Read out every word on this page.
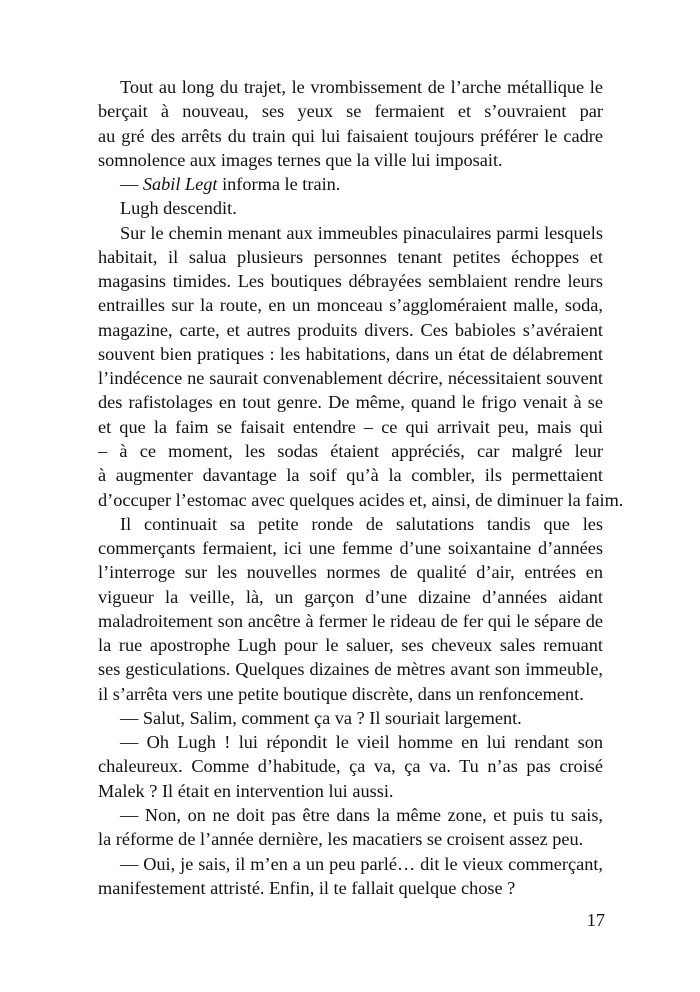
Tout au long du trajet, le vrombissement de l’arche métallique le
berçait à nouveau, ses yeux se fermaient et s’ouvraient par
au gré des arrêts du train qui lui faisaient toujours préférer le cadre
somnolence aux images ternes que la ville lui imposait.
— Sabil Legt informa le train.
Lugh descendit.
Sur le chemin menant aux immeubles pinaculaires parmi lesquels
habitait, il salua plusieurs personnes tenant petites échoppes et
magasins timides. Les boutiques débrayées semblaient rendre leurs
entrailles sur la route, en un monceau s’aggloméraient malle, soda,
magazine, carte, et autres produits divers. Ces babioles s’avéraient
souvent bien pratiques : les habitations, dans un état de délabrement
l’indécence ne saurait convenablement décrire, nécessitaient souvent
des rafistolages en tout genre. De même, quand le frigo venait à se
et que la faim se faisait entendre – ce qui arrivait peu, mais qui
– à ce moment, les sodas étaient appréciés, car malgré leur
à augmenter davantage la soif qu’à la combler, ils permettaient
d’occuper l’estomac avec quelques acides et, ainsi, de diminuer la faim.
Il continuait sa petite ronde de salutations tandis que les
commerçants fermaient, ici une femme d’une soixantaine d’années
l’interroge sur les nouvelles normes de qualité d’air, entrées en
vigueur la veille, là, un garçon d’une dizaine d’années aidant
maladroitement son ancêtre à fermer le rideau de fer qui le sépare de
la rue apostrophe Lugh pour le saluer, ses cheveux sales remuant
ses gesticulations. Quelques dizaines de mètres avant son immeuble,
il s’arrêta vers une petite boutique discrète, dans un renfoncement.
— Salut, Salim, comment ça va ? Il souriait largement.
— Oh Lugh ! lui répondit le vieil homme en lui rendant son
chaleureux. Comme d’habitude, ça va, ça va. Tu n’as pas croisé
Malek ? Il était en intervention lui aussi.
— Non, on ne doit pas être dans la même zone, et puis tu sais,
la réforme de l’année dernière, les macatiers se croisent assez peu.
— Oui, je sais, il m’en a un peu parlé… dit le vieux commerçant,
manifestement attristé. Enfin, il te fallait quelque chose ?
17
